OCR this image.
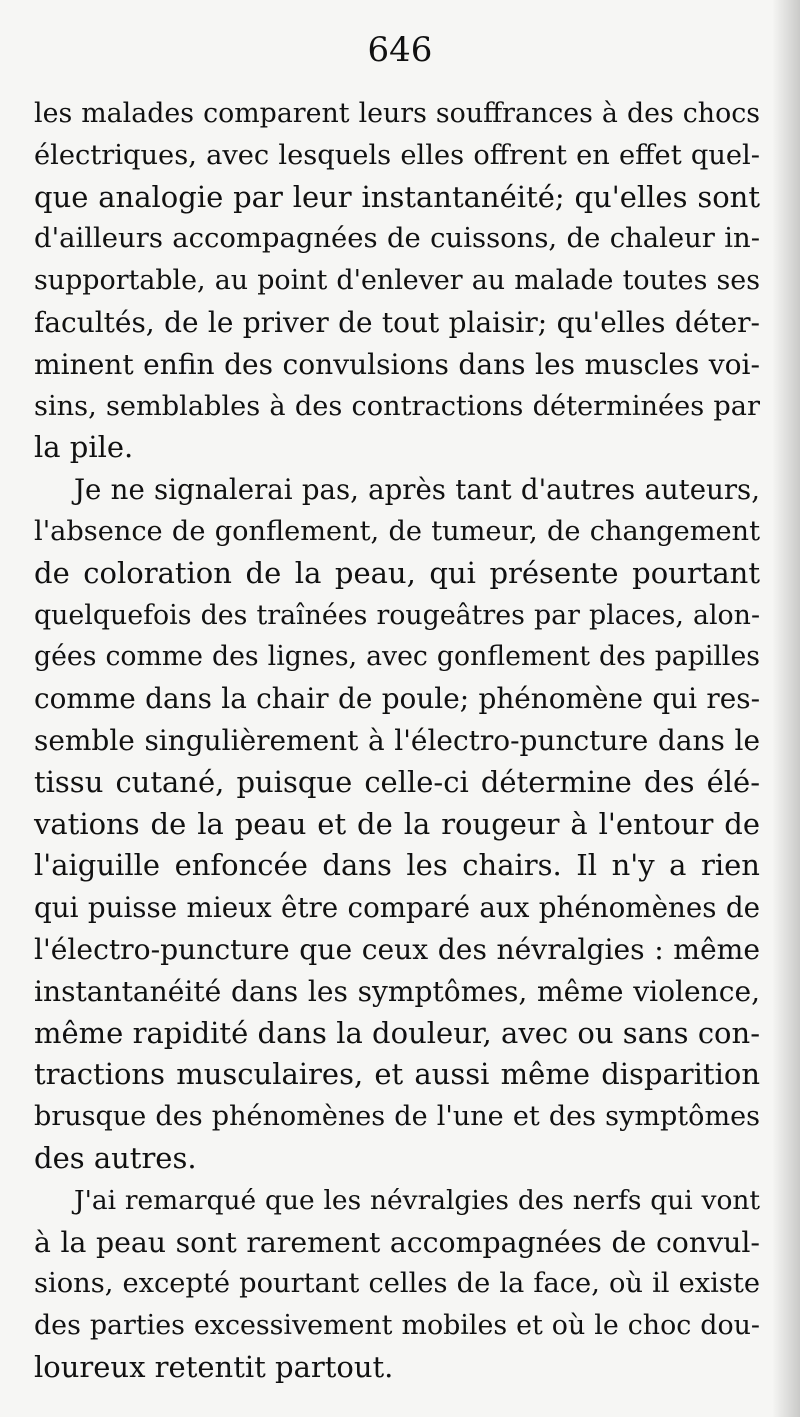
646
les malades comparent leurs souffrances à des chocs
électriques, avec lesquels elles offrent en effet quel-
que analogie par leur instantanéité; qu'elles sont
d'ailleurs accompagnées de cuissons, de chaleur in-
supportable, au point d'enlever au malade toutes ses
facultés, de le priver de tout plaisir; qu'elles déter-
minent enfin des convulsions dans les muscles voi-
sins, semblables à des contractions déterminées par
la pile.
Je ne signalerai pas, après tant d'autres auteurs,
l'absence de gonflement, de tumeur, de changement
de coloration de la peau, qui présente pourtant
quelquefois des traînées rougeâtres par places, alon-
gées comme des lignes, avec gonflement des papilles
comme dans la chair de poule; phénomène qui res-
semble singulièrement à l'électro-puncture dans le
tissu cutané, puisque celle-ci détermine des élé-
vations de la peau et de la rougeur à l'entour de
l'aiguille enfoncée dans les chairs. Il n'y a rien
qui puisse mieux être comparé aux phénomènes de
l'électro-puncture que ceux des névralgies : même
instantanéité dans les symptômes, même violence,
même rapidité dans la douleur, avec ou sans con-
tractions musculaires, et aussi même disparition
brusque des phénomènes de l'une et des symptômes
des autres.
J'ai remarqué que les névralgies des nerfs qui vont
à la peau sont rarement accompagnées de convul-
sions, excepté pourtant celles de la face, où il existe
des parties excessivement mobiles et où le choc dou-
loureux retentit partout.
